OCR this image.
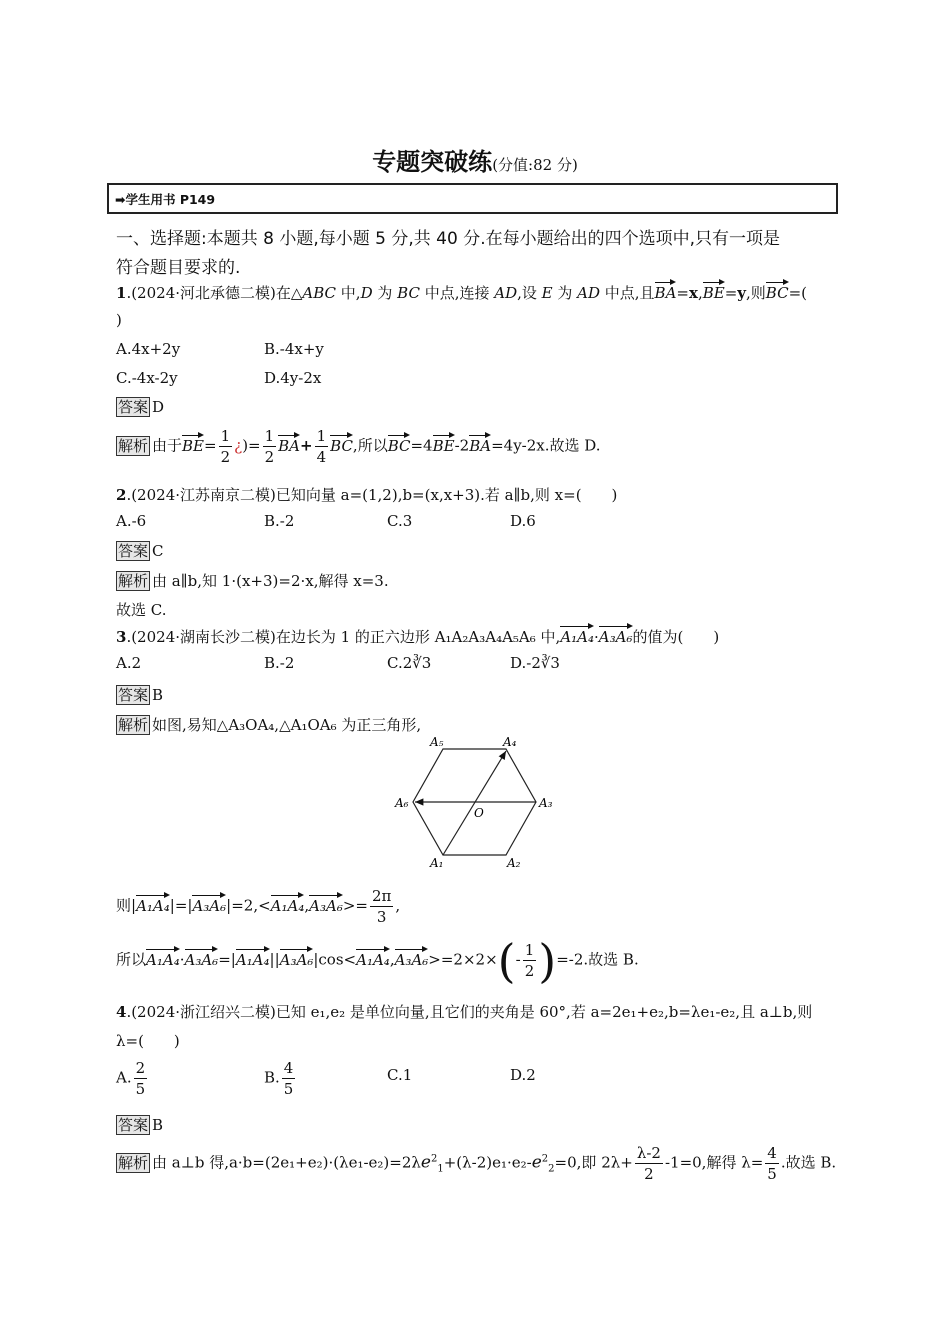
专题突破练(分值:82 分)
➡学生用书 P149
一、选择题:本题共 8 小题,每小题 5 分,共 40 分.在每小题给出的四个选项中,只有一项是
符合题目要求的.
1.(2024·河北承德二模)在△ABC 中,D 为 BC 中点,连接 AD,设 E 为 AD 中点,且BA=x,BE=y,则BC=(
)
A.4x+2y	B.-4x+y
C.-4x-2y	D.4y-2x
答案 D
解析 由于$BE= \frac{1}{2}$ ¿)= $\frac{1}{2} BA+ \frac{1}{4}$ BC,所以BC=4BE-2BA=4y-2x.故选 D.
2.(2024·江苏南京二模)已知向量 a=(1,2),b=(x,x+3).若 a∥b,则 x=(　　)
A.-6	B.-2	C.3	D.6
答案 C
解析 由 a∥b,知 1·(x+3)=2·x,解得 x=3.
故选 C.
3.(2024·湖南长沙二模)在边长为 1 的正六边形 A₁A₂A₃A₄A₅A₆ 中,A₁A₄·A₃A₆的值为(　　)
A.2	B.-2	C.2∛3	D.-2∛3
答案 B
解析 如图,易知△A₃OA₄,△A₁OA₆ 为正三角形,
A₅	A₄
A₃
A₆
O
A₁	A₂
则$|A_1A_4|=|A_3A_6|=2,<A_1A_4,A_3A_6>= \frac{2\pi}{3}$ ,
所以$A_1A_4\cdot A_3A_6=|A_1A_4||A_3A_6|\cos<A_1A_4,A_3A_6>=2\times 2\times(- \frac{1}{2} )=-2$.故选 B.
4.(2024·浙江绍兴二模)已知 e₁,e₂ 是单位向量,且它们的夹角是 60°,若 a=2e₁+e₂,b=λe₁-e₂,且 a⊥b,则
λ=(　　)
A. $\frac{2}{5}$	B. $\frac{4}{5}$	C.1	D.2
答案 B
解析 由 a⊥b 得$,a\cdot b=(2e_1+e_2)\cdot(\lambda e_1-e_2)=2\lambda e^2_1+(\lambda-2)e_1\cdot e_2-e^2_2=0$,即 $2\lambda+ \frac{\lambda-2}{2} -1=0$,解得 $\lambda= \frac{4}{5}$ .故选 B.
